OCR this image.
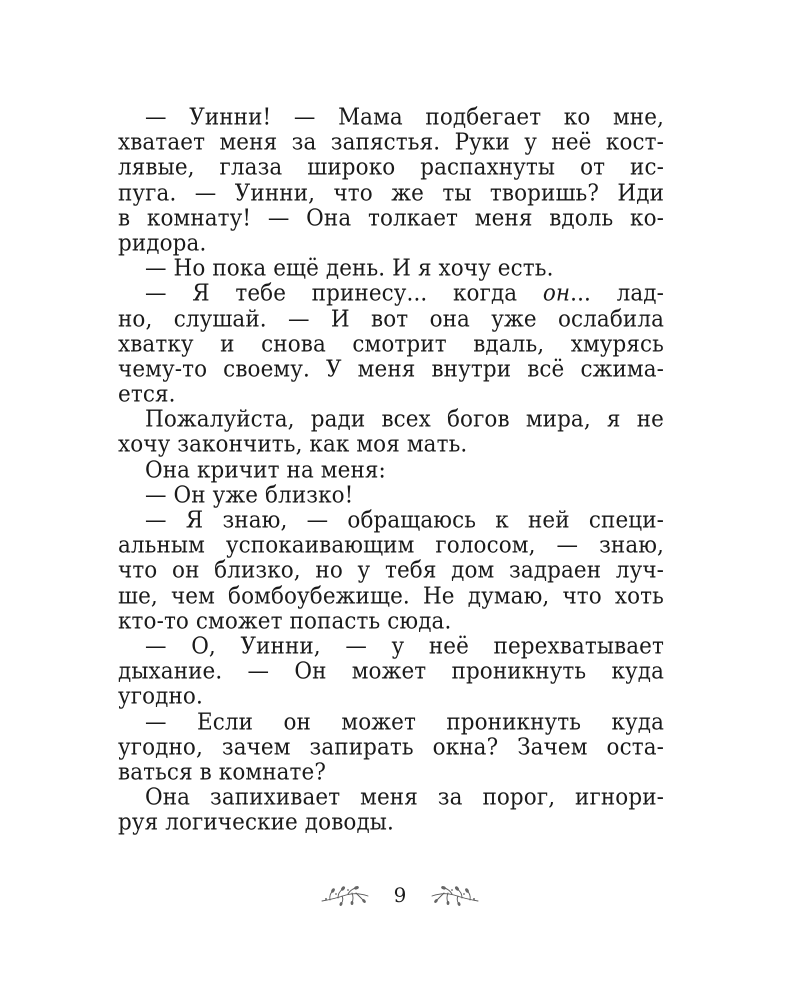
— Уинни! — Мама подбегает ко мне,
хватает меня за запястья. Руки у неё кост-
лявые, глаза широко распахнуты от ис-
пуга. — Уинни, что же ты творишь? Иди
в комнату! — Она толкает меня вдоль ко-
ридора.
— Но пока ещё день. И я хочу есть.
— Я тебе принесу... когда он... лад-
но, слушай. — И вот она уже ослабила
хватку и снова смотрит вдаль, хмурясь
чему-то своему. У меня внутри всё сжима-
ется.
Пожалуйста, ради всех богов мира, я не
хочу закончить, как моя мать.
Она кричит на меня:
— Он уже близко!
— Я знаю, — обращаюсь к ней специ-
альным успокаивающим голосом, — знаю,
что он близко, но у тебя дом задраен луч-
ше, чем бомбоубежище. Не думаю, что хоть
кто-то сможет попасть сюда.
— О, Уинни, — у неё перехватывает
дыхание. — Он может проникнуть куда
угодно.
— Если он может проникнуть куда
угодно, зачем запирать окна? Зачем оста-
ваться в комнате?
Она запихивает меня за порог, игнори-
руя логические доводы.
9
